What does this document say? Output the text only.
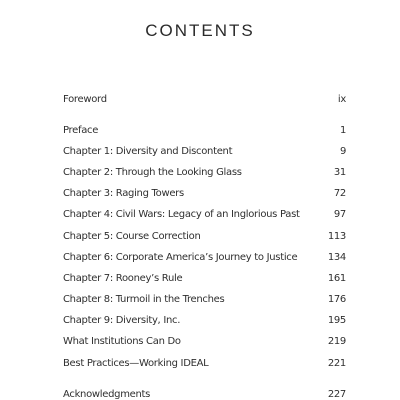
CONTENTS
Foreword	ix
Preface	1
Chapter 1: Diversity and Discontent	9
Chapter 2: Through the Looking Glass	31
Chapter 3: Raging Towers	72
Chapter 4: Civil Wars: Legacy of an Inglorious Past	97
Chapter 5: Course Correction	113
Chapter 6: Corporate America’s Journey to Justice	134
Chapter 7: Rooney’s Rule	161
Chapter 8: Turmoil in the Trenches	176
Chapter 9: Diversity, Inc.	195
What Institutions Can Do	219
Best Practices—Working IDEAL	221
Acknowledgments	227
